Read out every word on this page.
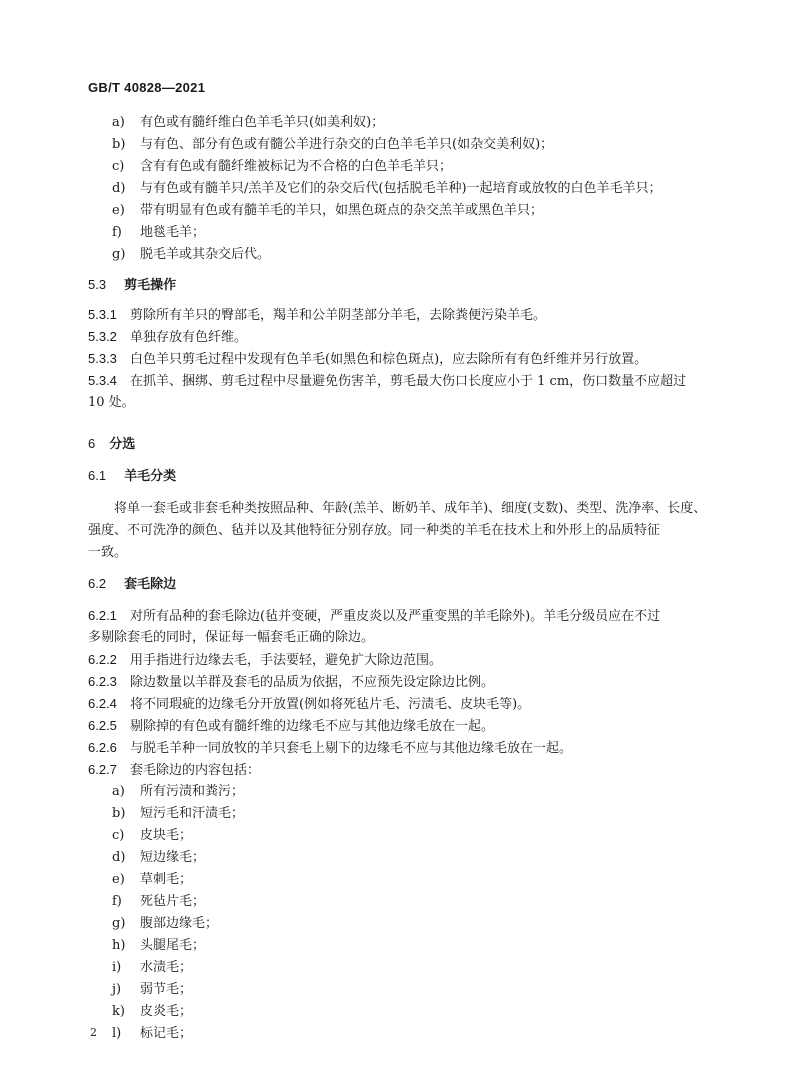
GB/T 40828—2021
a) 有色或有髓纤维白色羊毛羊只(如美利奴)；
b) 与有色、部分有色或有髓公羊进行杂交的白色羊毛羊只(如杂交美利奴)；
c) 含有有色或有髓纤维被标记为不合格的白色羊毛羊只；
d) 与有色或有髓羊只/羔羊及它们的杂交后代(包括脱毛羊种)一起培育或放牧的白色羊毛羊只；
e) 带有明显有色或有髓羊毛的羊只，如黑色斑点的杂交羔羊或黑色羊只；
f) 地毯毛羊；
g) 脱毛羊或其杂交后代。
5.3 剪毛操作
5.3.1 剪除所有羊只的臀部毛，羯羊和公羊阴茎部分羊毛，去除粪便污染羊毛。
5.3.2 单独存放有色纤维。
5.3.3 白色羊只剪毛过程中发现有色羊毛(如黑色和棕色斑点)，应去除所有有色纤维并另行放置。
5.3.4 在抓羊、捆绑、剪毛过程中尽量避免伤害羊，剪毛最大伤口长度应小于 1 cm，伤口数量不应超过
10 处。
6 分选
6.1 羊毛分类
将单一套毛或非套毛种类按照品种、年龄(羔羊、断奶羊、成年羊)、细度(支数)、类型、洗净率、长度、
强度、不可洗净的颜色、毡并以及其他特征分别存放。同一种类的羊毛在技术上和外形上的品质特征
一致。
6.2 套毛除边
6.2.1 对所有品种的套毛除边(毡并变硬，严重皮炎以及严重变黑的羊毛除外)。羊毛分级员应在不过
多剔除套毛的同时，保证每一幅套毛正确的除边。
6.2.2 用手指进行边缘去毛，手法要轻，避免扩大除边范围。
6.2.3 除边数量以羊群及套毛的品质为依据，不应预先设定除边比例。
6.2.4 将不同瑕疵的边缘毛分开放置(例如将死毡片毛、污渍毛、皮块毛等)。
6.2.5 剔除掉的有色或有髓纤维的边缘毛不应与其他边缘毛放在一起。
6.2.6 与脱毛羊种一同放牧的羊只套毛上剔下的边缘毛不应与其他边缘毛放在一起。
6.2.7 套毛除边的内容包括：
a) 所有污渍和粪污；
b) 短污毛和汗渍毛；
c) 皮块毛；
d) 短边缘毛；
e) 草刺毛；
f) 死毡片毛；
g) 腹部边缘毛；
h) 头腿尾毛；
i) 水渍毛；
j) 弱节毛；
k) 皮炎毛；
l) 标记毛；
2
